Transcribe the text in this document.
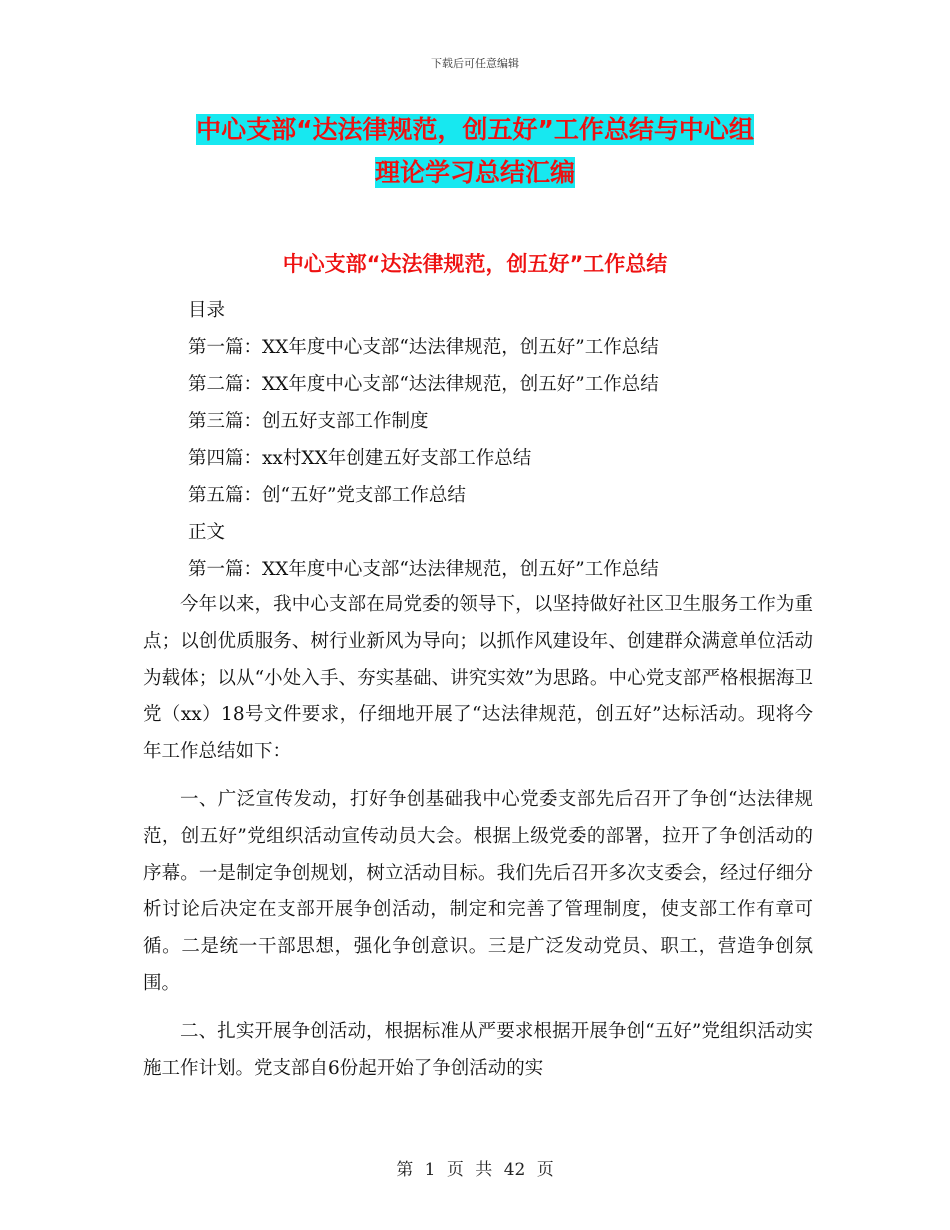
下载后可任意编辑
中心支部“达法律规范，创五好”工作总结与中心组
理论学习总结汇编
中心支部“达法律规范，创五好”工作总结
目录
第一篇：XX年度中心支部“达法律规范，创五好”工作总结
第二篇：XX年度中心支部“达法律规范，创五好”工作总结
第三篇：创五好支部工作制度
第四篇：xx村XX年创建五好支部工作总结
第五篇：创“五好”党支部工作总结
正文
第一篇：XX年度中心支部“达法律规范，创五好”工作总结

今年以来，我中心支部在局党委的领导下，以坚持做好社区卫生服务工作为重点；以创优质服务、树行业新风为导向；以抓作风建设年、创建群众满意单位活动为载体；以从“小处入手、夯实基础、讲究实效”为思路。中心党支部严格根据海卫党（xx）18号文件要求，仔细地开展了“达法律规范，创五好”达标活动。现将今年工作总结如下：

一、广泛宣传发动，打好争创基础我中心党委支部先后召开了争创“达法律规范，创五好”党组织活动宣传动员大会。根据上级党委的部署，拉开了争创活动的序幕。一是制定争创规划，树立活动目标。我们先后召开多次支委会，经过仔细分析讨论后决定在支部开展争创活动，制定和完善了管理制度，使支部工作有章可循。二是统一干部思想，强化争创意识。三是广泛发动党员、职工，营造争创氛围。

二、扎实开展争创活动，根据标准从严要求根据开展争创“五好”党组织活动实施工作计划。党支部自6份起开始了争创活动的实

第 1 页 共 42 页
